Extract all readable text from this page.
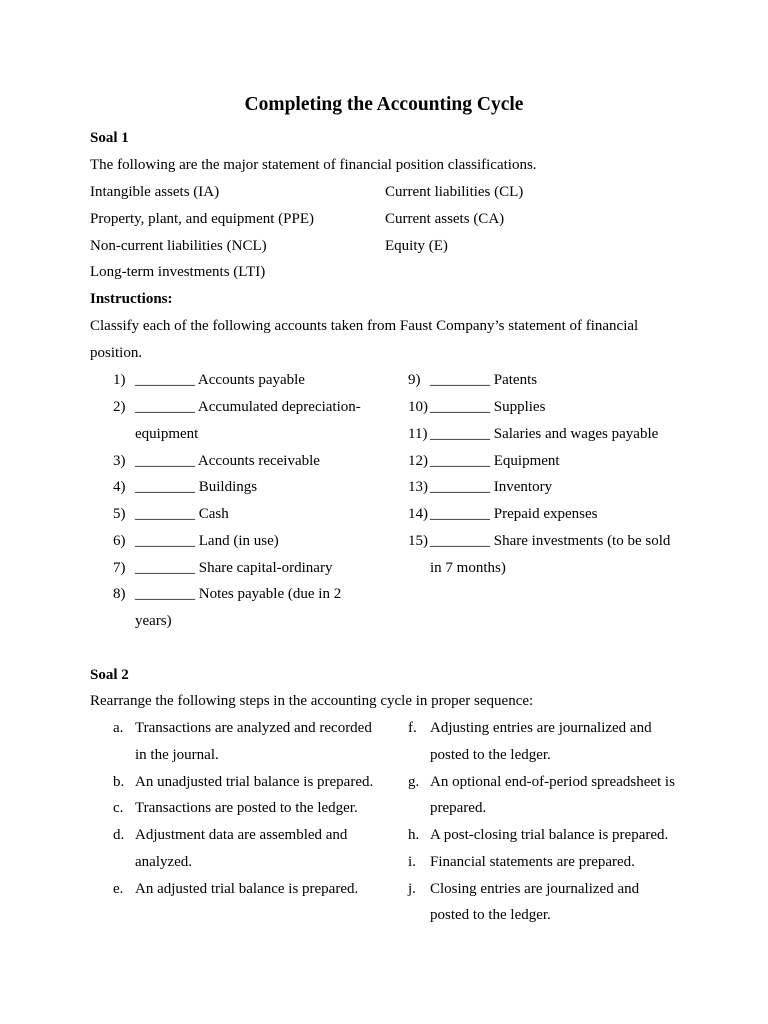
Completing the Accounting Cycle
Soal 1
The following are the major statement of financial position classifications.
Intangible assets (IA)	Current liabilities (CL)
Property, plant, and equipment (PPE)	Current assets (CA)
Non-current liabilities (NCL)	Equity (E)
Long-term investments (LTI)
Instructions:
Classify each of the following accounts taken from Faust Company’s statement of financial
position.
1) ________ Accounts payable
2) ________ Accumulated depreciation-
equipment
3) ________ Accounts receivable
4) ________ Buildings
5) ________ Cash
6) ________ Land (in use)
7) ________ Share capital-ordinary
8) ________ Notes payable (due in 2
years)
9) ________ Patents
10) ________ Supplies
11) ________ Salaries and wages payable
12) ________ Equipment
13) ________ Inventory
14) ________ Prepaid expenses
15) ________ Share investments (to be sold
in 7 months)
Soal 2
Rearrange the following steps in the accounting cycle in proper sequence:
a. Transactions are analyzed and recorded
in the journal.
b. An unadjusted trial balance is prepared.
c. Transactions are posted to the ledger.
d. Adjustment data are assembled and
analyzed.
e. An adjusted trial balance is prepared.
f. Adjusting entries are journalized and
posted to the ledger.
g. An optional end-of-period spreadsheet is
prepared.
h. A post-closing trial balance is prepared.
i. Financial statements are prepared.
j. Closing entries are journalized and
posted to the ledger.
